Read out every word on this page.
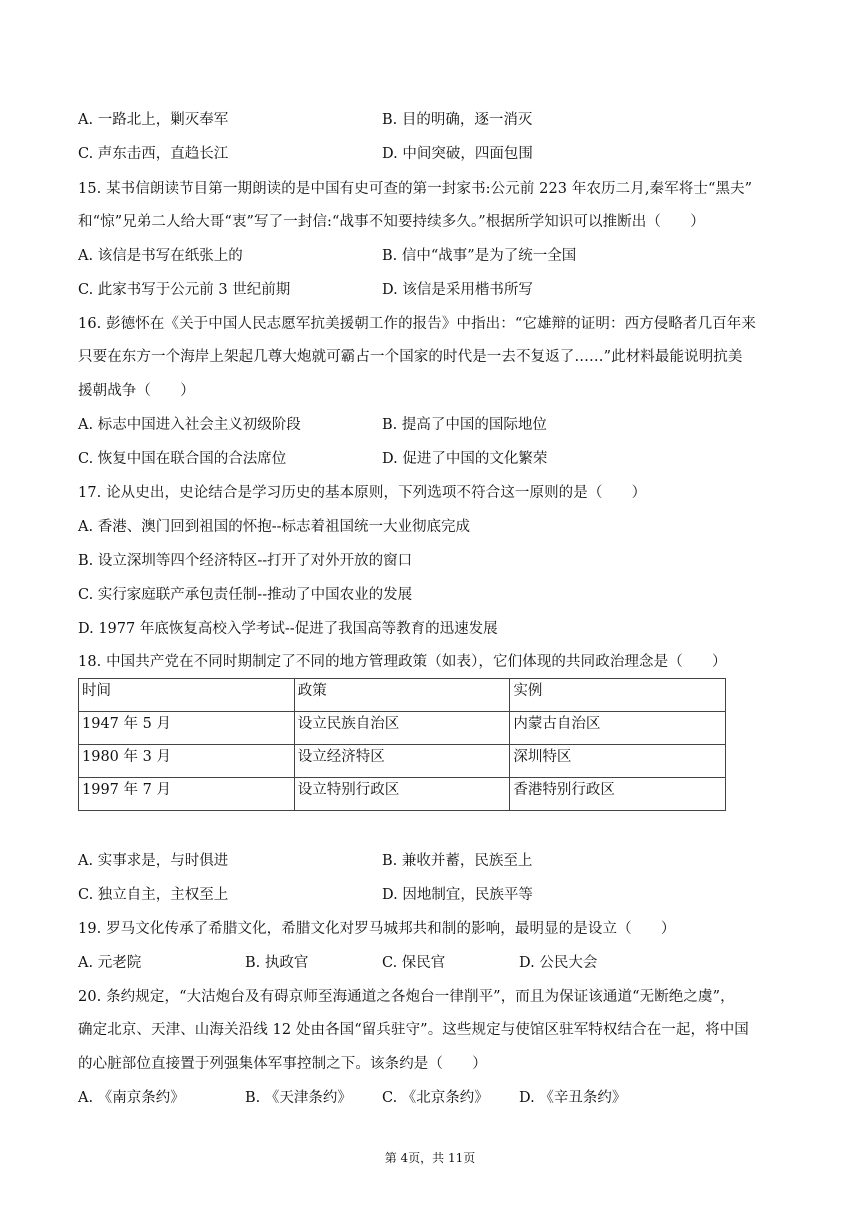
A. 一路北上，剿灭奉军	B. 目的明确，逐一消灭
C. 声东击西，直趋长江	D. 中间突破，四面包围
15. 某书信朗读节目第一期朗读的是中国有史可查的第一封家书:公元前 223 年农历二月,秦军将士“黑夫”
和“惊”兄弟二人给大哥“衷”写了一封信:“战事不知要持续多久。”根据所学知识可以推断出（　　）
A. 该信是书写在纸张上的	B. 信中“战事”是为了统一全国
C. 此家书写于公元前 3 世纪前期	D. 该信是采用楷书所写
16. 彭德怀在《关于中国人民志愿军抗美援朝工作的报告》中指出：“它雄辩的证明：西方侵略者几百年来
只要在东方一个海岸上架起几尊大炮就可霸占一个国家的时代是一去不复返了……”此材料最能说明抗美
援朝战争（　　）
A. 标志中国进入社会主义初级阶段	B. 提高了中国的国际地位
C. 恢复中国在联合国的合法席位	D. 促进了中国的文化繁荣
17. 论从史出，史论结合是学习历史的基本原则，下列选项不符合这一原则的是（　　）
A. 香港、澳门回到祖国的怀抱--标志着祖国统一大业彻底完成
B. 设立深圳等四个经济特区--打开了对外开放的窗口
C. 实行家庭联产承包责任制--推动了中国农业的发展
D. 1977 年底恢复高校入学考试--促进了我国高等教育的迅速发展
18. 中国共产党在不同时期制定了不同的地方管理政策（如表），它们体现的共同政治理念是（　　）
时间	政策	实例
1947 年 5 月	设立民族自治区	内蒙古自治区
1980 年 3 月	设立经济特区	深圳特区
1997 年 7 月	设立特别行政区	香港特别行政区
A. 实事求是，与时俱进	B. 兼收并蓄，民族至上
C. 独立自主，主权至上	D. 因地制宜，民族平等
19. 罗马文化传承了希腊文化，希腊文化对罗马城邦共和制的影响，最明显的是设立（　　）
A. 元老院	B. 执政官	C. 保民官	D. 公民大会
20. 条约规定，“大沽炮台及有碍京师至海通道之各炮台一律削平”，而且为保证该通道“无断绝之虞”，
确定北京、天津、山海关沿线 12 处由各国“留兵驻守”。这些规定与使馆区驻军特权结合在一起，将中国
的心脏部位直接置于列强集体军事控制之下。该条约是（　　）
A. 《南京条约》	B. 《天津条约》 C. 《北京条约》 D. 《辛丑条约》
第 4页，共 11页
